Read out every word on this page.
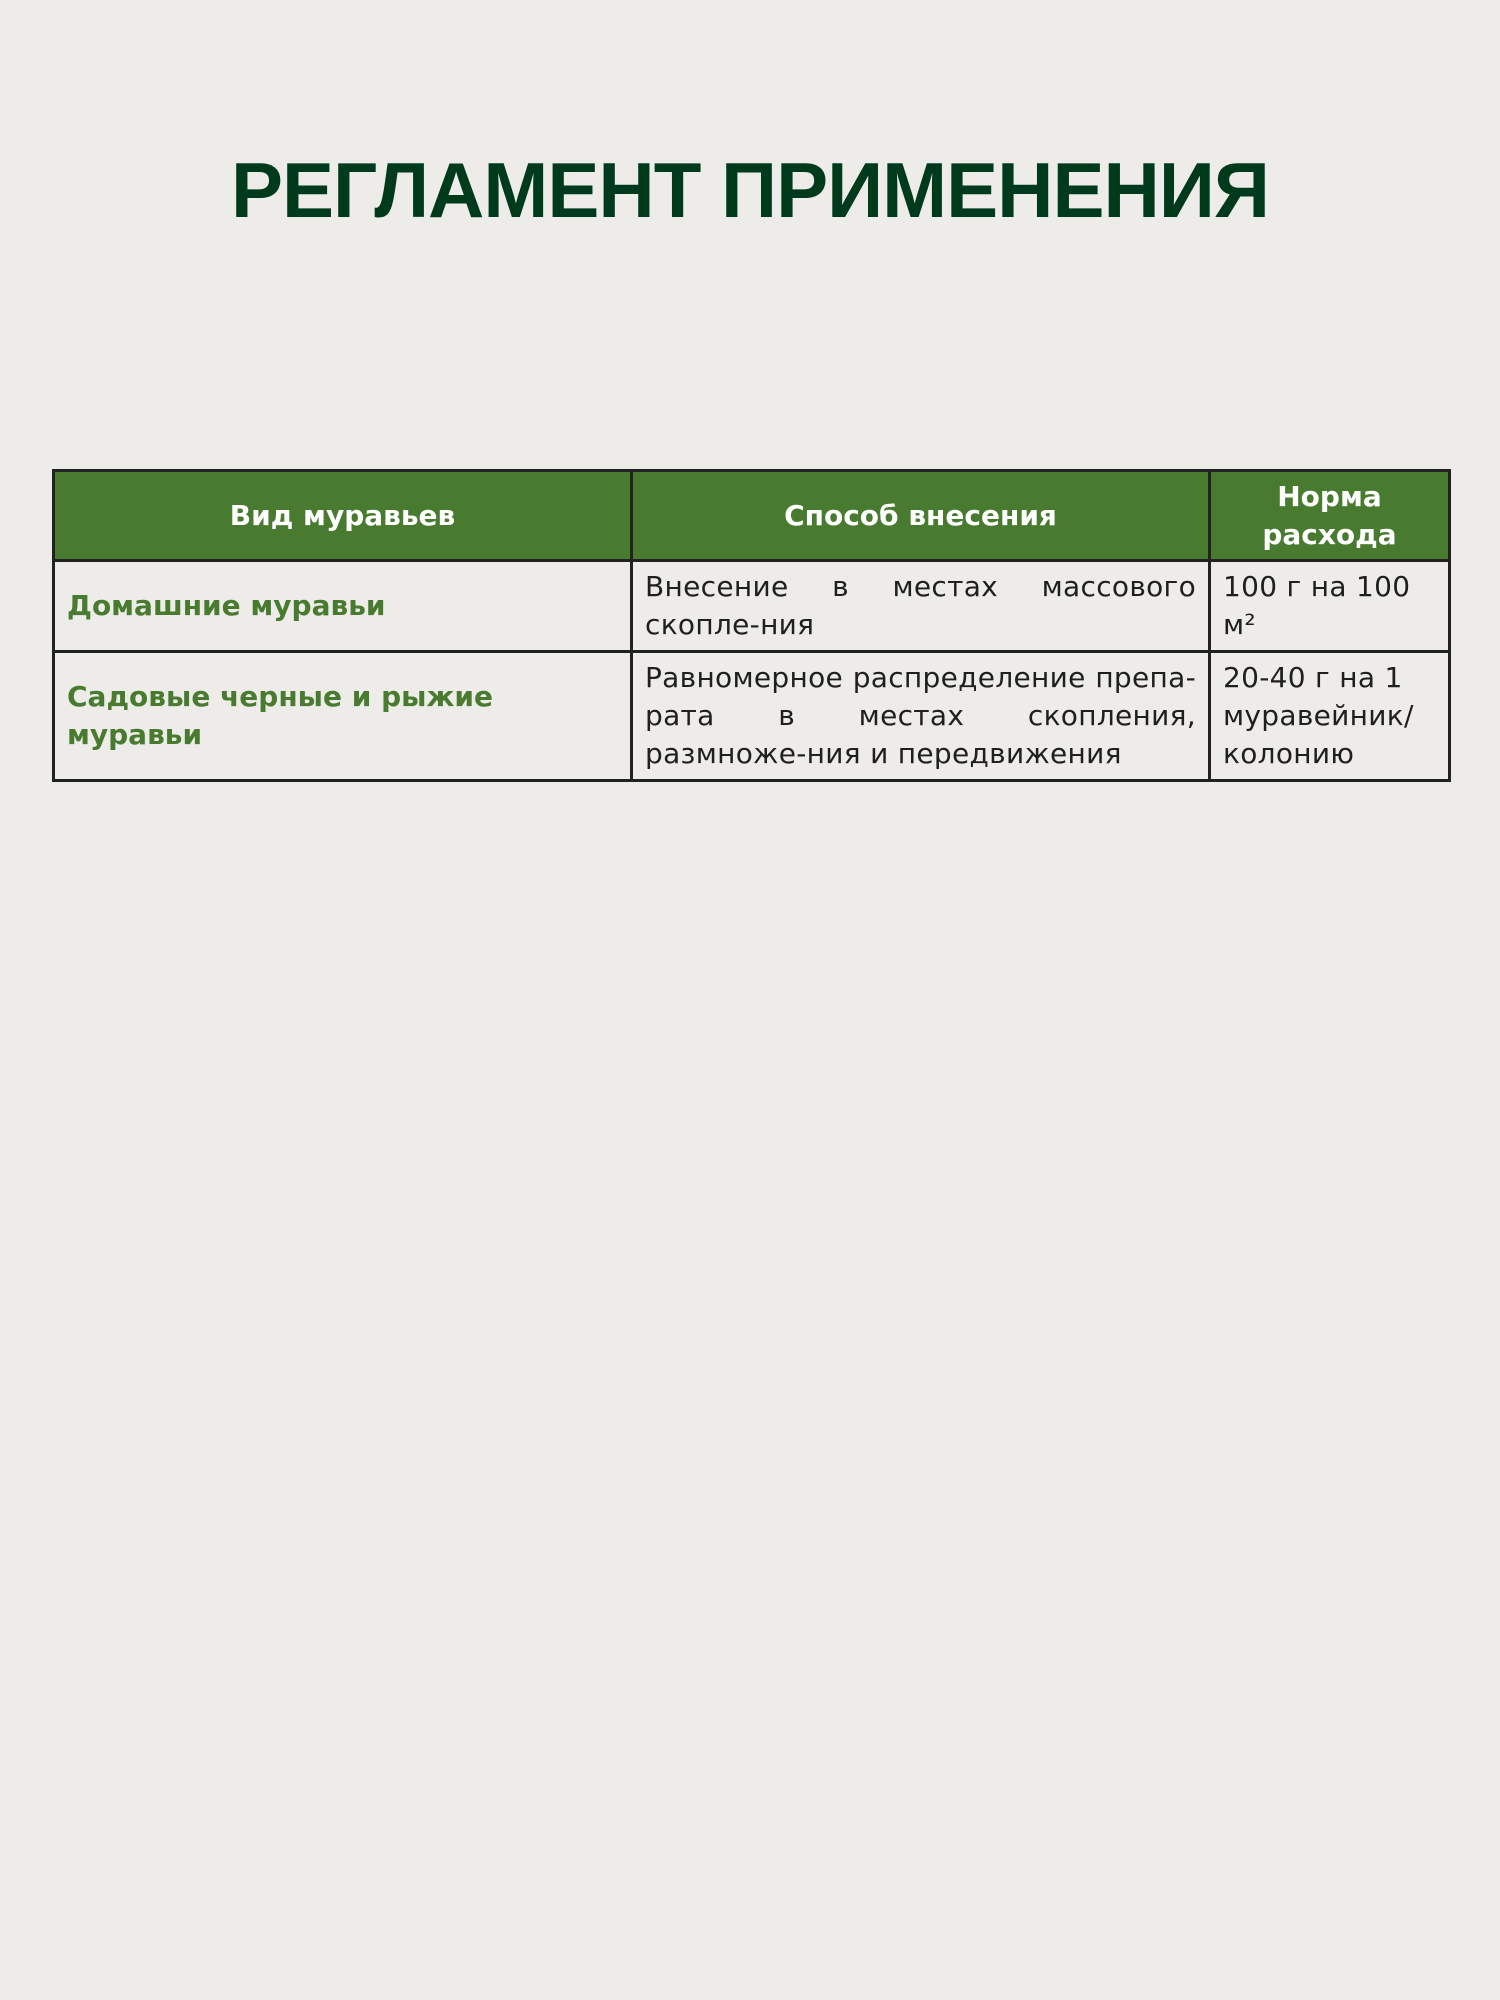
РЕГЛАМЕНТ ПРИМЕНЕНИЯ
Вид муравьев	Способ внесения	Норма расхода
Домашние муравьи	Внесение в местах массового скопле-ния	100 г на 100 м²
Садовые черные и рыжие муравьи	Равномерное распределение препа-рата в местах скопления, размноже-ния и передвижения	20-40 г на 1 муравейник/колонию
